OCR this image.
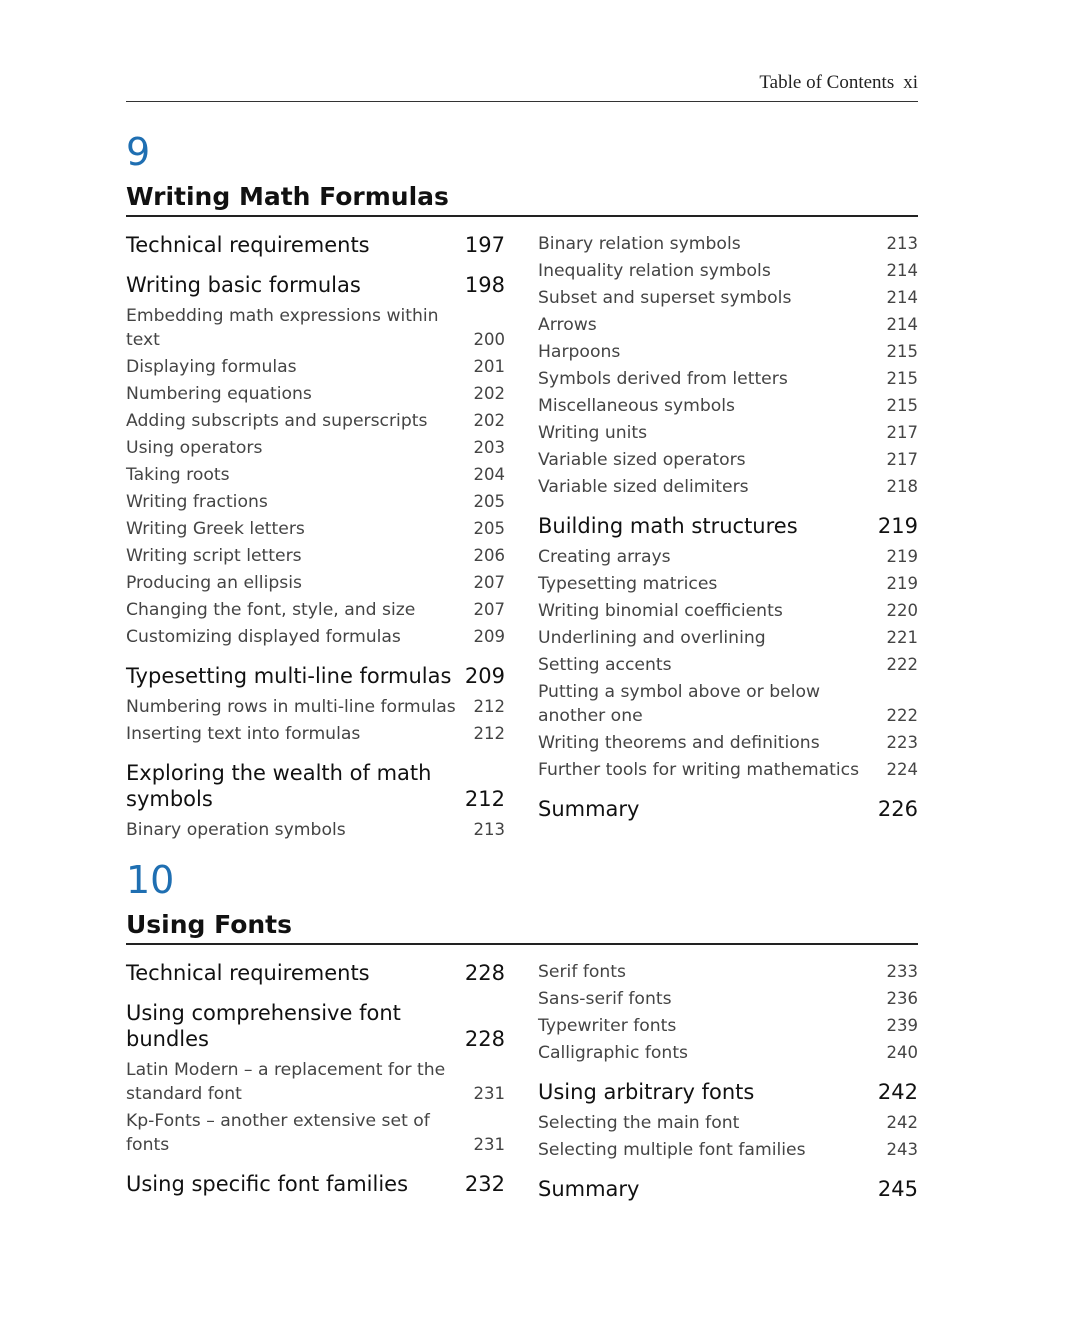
Table of Contents xi
9
Writing Math Formulas
Technical requirements	197
Writing basic formulas	198
Embedding math expressions within text	200
Displaying formulas	201
Numbering equations	202
Adding subscripts and superscripts	202
Using operators	203
Taking roots	204
Writing fractions	205
Writing Greek letters	205
Writing script letters	206
Producing an ellipsis	207
Changing the font, style, and size	207
Customizing displayed formulas	209
Typesetting multi-line formulas 209
Numbering rows in multi-line formulas	212
Inserting text into formulas	212
Exploring the wealth of math symbols	212
Binary operation symbols	213
Binary relation symbols	213
Inequality relation symbols	214
Subset and superset symbols	214
Arrows	214
Harpoons	215
Symbols derived from letters	215
Miscellaneous symbols	215
Writing units	217
Variable sized operators	217
Variable sized delimiters	218
Building math structures	219
Creating arrays	219
Typesetting matrices	219
Writing binomial coefficients	220
Underlining and overlining	221
Setting accents	222
Putting a symbol above or below another one	222
Writing theorems and definitions	223
Further tools for writing mathematics	224
Summary	226
10
Using Fonts
Technical requirements	228
Using comprehensive font bundles	228
Latin Modern – a replacement for the standard font	231
Kp-Fonts – another extensive set of fonts	231
Using specific font families	232
Serif fonts	233
Sans-serif fonts	236
Typewriter fonts	239
Calligraphic fonts	240
Using arbitrary fonts	242
Selecting the main font	242
Selecting multiple font families	243
Summary	245
